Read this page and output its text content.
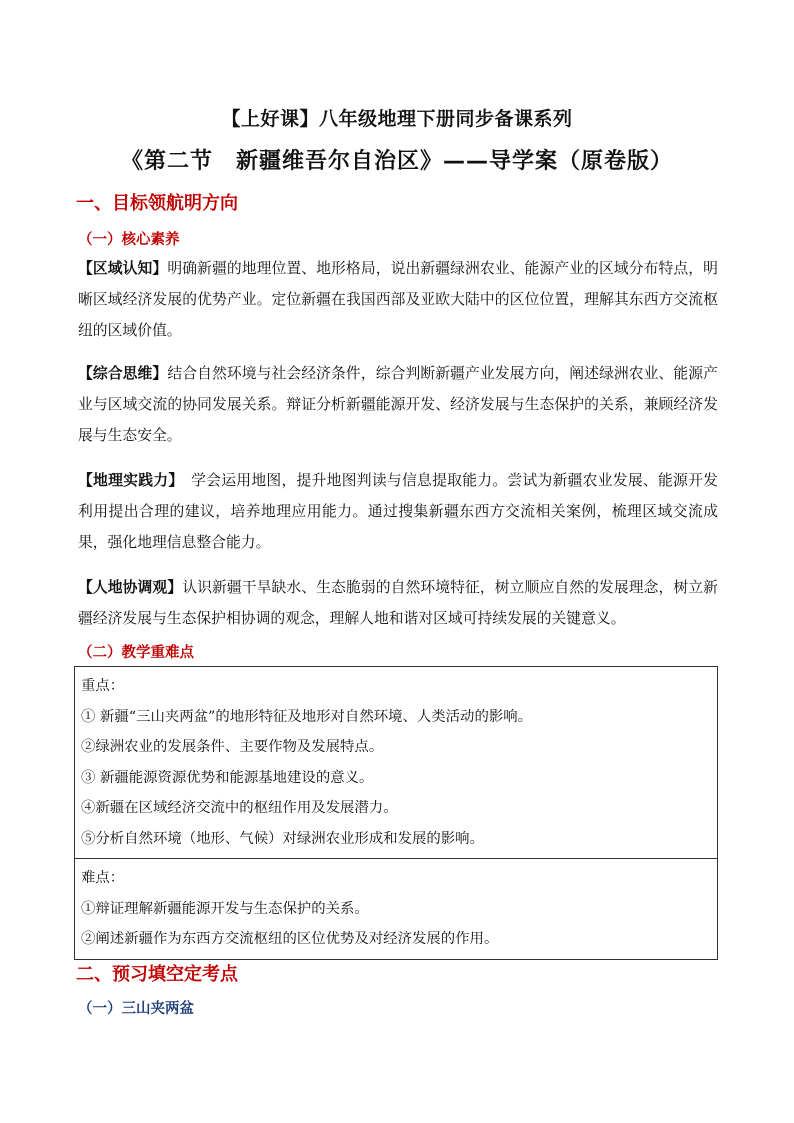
【上好课】八年级地理下册同步备课系列
《第二节　新疆维吾尔自治区》——导学案（原卷版）
一、目标领航明方向
（一）核心素养
【区域认知】明确新疆的地理位置、地形格局，说出新疆绿洲农业、能源产业的区域分布特点，明晰区域经济发展的优势产业。定位新疆在我国西部及亚欧大陆中的区位位置，理解其东西方交流枢纽的区域价值。
【综合思维】结合自然环境与社会经济条件，综合判断新疆产业发展方向，阐述绿洲农业、能源产业与区域交流的协同发展关系。辩证分析新疆能源开发、经济发展与生态保护的关系，兼顾经济发展与生态安全。
【地理实践力】　学会运用地图，提升地图判读与信息提取能力。尝试为新疆农业发展、能源开发利用提出合理的建议，培养地理应用能力。通过搜集新疆东西方交流相关案例，梳理区域交流成果，强化地理信息整合能力。
【人地协调观】认识新疆干旱缺水、生态脆弱的自然环境特征，树立顺应自然的发展理念，树立新疆经济发展与生态保护相协调的观念，理解人地和谐对区域可持续发展的关键意义。
（二）教学重难点
重点：
① 新疆“三山夹两盆”的地形特征及地形对自然环境、人类活动的影响。
②绿洲农业的发展条件、主要作物及发展特点。
③ 新疆能源资源优势和能源基地建设的意义。
④新疆在区域经济交流中的枢纽作用及发展潜力。
⑤分析自然环境（地形、气候）对绿洲农业形成和发展的影响。
难点：
①辩证理解新疆能源开发与生态保护的关系。
②阐述新疆作为东西方交流枢纽的区位优势及对经济发展的作用。
二、预习填空定考点
（一）三山夹两盆
